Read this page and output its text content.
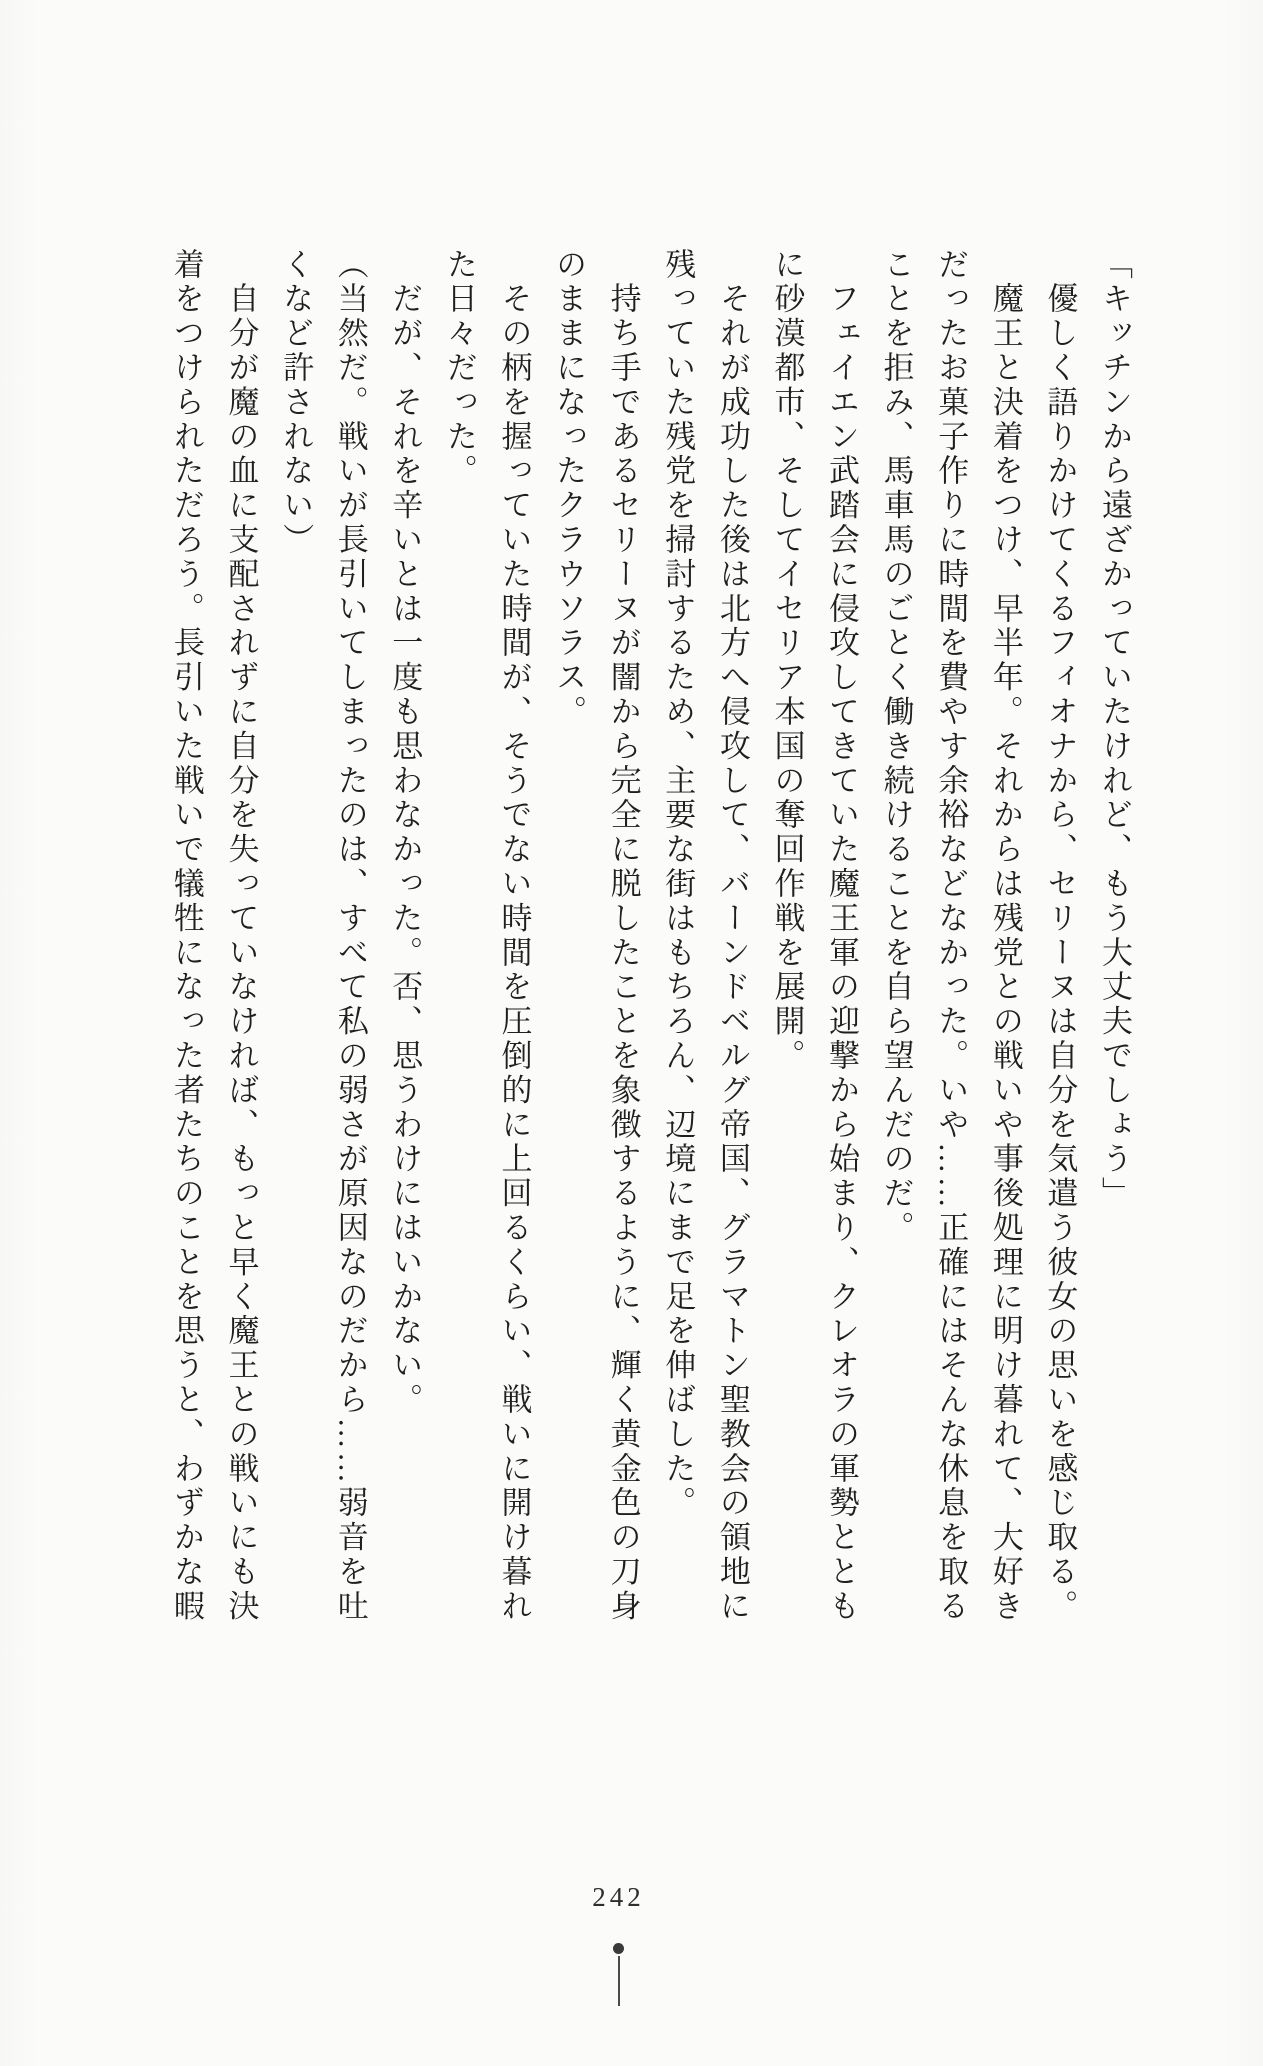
「キッチンから遠ざかっていたけれど、もう大丈夫でしょう」
　優しく語りかけてくるフィオナから、セリーヌは自分を気遣う彼女の思いを感じ取る。
　魔王と決着をつけ、早半年。それからは残党との戦いや事後処理に明け暮れて、大好き
だったお菓子作りに時間を費やす余裕などなかった。いや……正確にはそんな休息を取る
ことを拒み、馬車馬のごとく働き続けることを自ら望んだのだ。
　フェイエン武踏会に侵攻してきていた魔王軍の迎撃から始まり、クレオラの軍勢ととも
に砂漠都市、そしてイセリア本国の奪回作戦を展開。
　それが成功した後は北方へ侵攻して、バーンドベルグ帝国、グラマトン聖教会の領地に
残っていた残党を掃討するため、主要な街はもちろん、辺境にまで足を伸ばした。
　持ち手であるセリーヌが闇から完全に脱したことを象徴するように、輝く黄金色の刀身
のままになったクラウソラス。
　その柄を握っていた時間が、そうでない時間を圧倒的に上回るくらい、戦いに開け暮れ
た日々だった。
　だが、それを辛いとは一度も思わなかった。否、思うわけにはいかない。
（当然だ。戦いが長引いてしまったのは、すべて私の弱さが原因なのだから……弱音を吐
くなど許されない）
　自分が魔の血に支配されずに自分を失っていなければ、もっと早く魔王との戦いにも決
着をつけられただろう。長引いた戦いで犠牲になった者たちのことを思うと、わずかな暇
242
